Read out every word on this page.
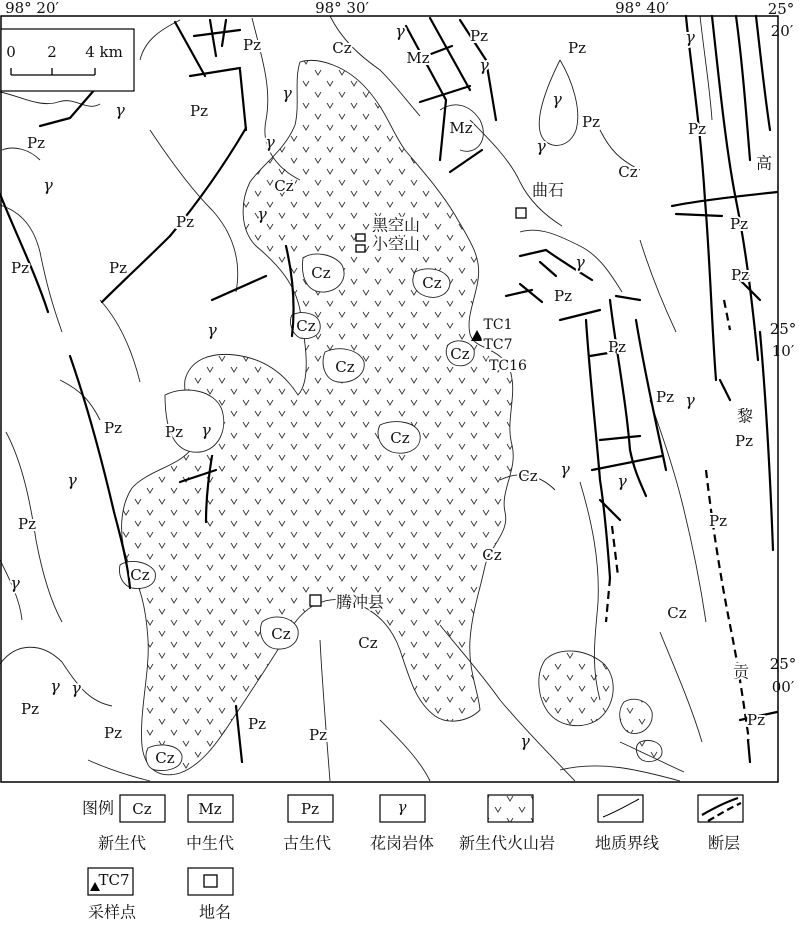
0 2 4 km
98° 20′	98° 30′	98° 40′	25°
20′
25°
10′
25°
00′
Pz	Cz
γ
Mz
Pz
γ
Pz
γ
γ	Pz
γ
Pz
γ
Mz
γ
Pz
γ
Pz
γ
Cz
Cz
Pz	γ
Pz
Pz	Pz	Cz
Cz
γ
Pz
Pz
Cz
γ
Cz
Cz
Pz
Pz γ
Pz
Pz	Pz γ	Cz
γ	Cz γ
γ
Pz	Pz
Cz
Cz
γ
Cz
Cz	Cz
γ γ
Pz
Pz	Pz
Pz
Pz
γ
Cz
黑空山
小空山
曲石
腾冲县
高
黎
贡
TC1
TC7
TC16
图例 Cz
新生代
Mz
中生代
Pz
古生代
γ
花岗岩体 新生代火山岩 地质界线	断层
TC7
采样点	地名
